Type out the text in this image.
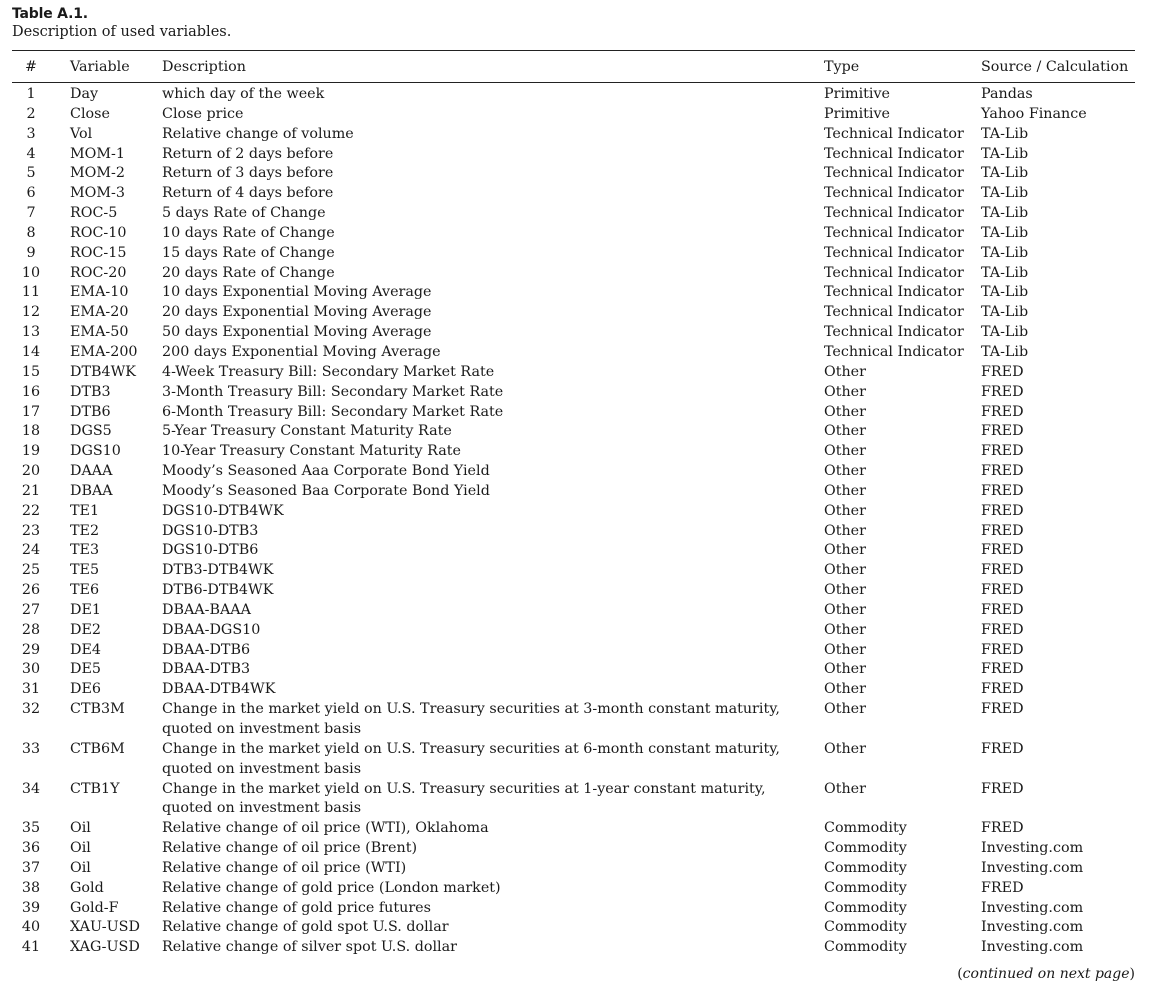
Table A.1.
Description of used variables.
#	Variable	Description	Type	Source / Calculation

1	Day	which day of the week	Primitive	Pandas
2	Close	Close price	Primitive	Yahoo Finance
3	Vol	Relative change of volume	Technical Indicator	TA-Lib
4	MOM-1	Return of 2 days before	Technical Indicator	TA-Lib
5	MOM-2	Return of 3 days before	Technical Indicator	TA-Lib
6	MOM-3	Return of 4 days before	Technical Indicator	TA-Lib
7	ROC-5	5 days Rate of Change	Technical Indicator	TA-Lib
8	ROC-10	10 days Rate of Change	Technical Indicator	TA-Lib
9	ROC-15	15 days Rate of Change	Technical Indicator	TA-Lib
10	ROC-20	20 days Rate of Change	Technical Indicator	TA-Lib
11	EMA-10	10 days Exponential Moving Average	Technical Indicator	TA-Lib
12	EMA-20	20 days Exponential Moving Average	Technical Indicator	TA-Lib
13	EMA-50	50 days Exponential Moving Average	Technical Indicator	TA-Lib
14	EMA-200	200 days Exponential Moving Average	Technical Indicator	TA-Lib
15	DTB4WK	4-Week Treasury Bill: Secondary Market Rate	Other	FRED
16	DTB3	3-Month Treasury Bill: Secondary Market Rate	Other	FRED
17	DTB6	6-Month Treasury Bill: Secondary Market Rate	Other	FRED
18	DGS5	5-Year Treasury Constant Maturity Rate	Other	FRED
19	DGS10	10-Year Treasury Constant Maturity Rate	Other	FRED
20	DAAA	Moody’s Seasoned Aaa Corporate Bond Yield	Other	FRED
21	DBAA	Moody’s Seasoned Baa Corporate Bond Yield	Other	FRED
22	TE1	DGS10-DTB4WK	Other	FRED
23	TE2	DGS10-DTB3	Other	FRED
24	TE3	DGS10-DTB6	Other	FRED
25	TE5	DTB3-DTB4WK	Other	FRED
26	TE6	DTB6-DTB4WK	Other	FRED
27	DE1	DBAA-BAAA	Other	FRED
28	DE2	DBAA-DGS10	Other	FRED
29	DE4	DBAA-DTB6	Other	FRED
30	DE5	DBAA-DTB3	Other	FRED
31	DE6	DBAA-DTB4WK	Other	FRED
32	CTB3M	Change in the market yield on U.S. Treasury securities at 3-month constant maturity, quoted on investment basis	Other	FRED
33	CTB6M	Change in the market yield on U.S. Treasury securities at 6-month constant maturity, quoted on investment basis	Other	FRED
34	CTB1Y	Change in the market yield on U.S. Treasury securities at 1-year constant maturity, quoted on investment basis	Other	FRED
35	Oil	Relative change of oil price (WTI), Oklahoma	Commodity	FRED
36	Oil	Relative change of oil price (Brent)	Commodity	Investing.com
37	Oil	Relative change of oil price (WTI)	Commodity	Investing.com
38	Gold	Relative change of gold price (London market)	Commodity	FRED
39	Gold-F	Relative change of gold price futures	Commodity	Investing.com
40	XAU-USD	Relative change of gold spot U.S. dollar	Commodity	Investing.com
41	XAG-USD	Relative change of silver spot U.S. dollar	Commodity	Investing.com
(continued on next page)
